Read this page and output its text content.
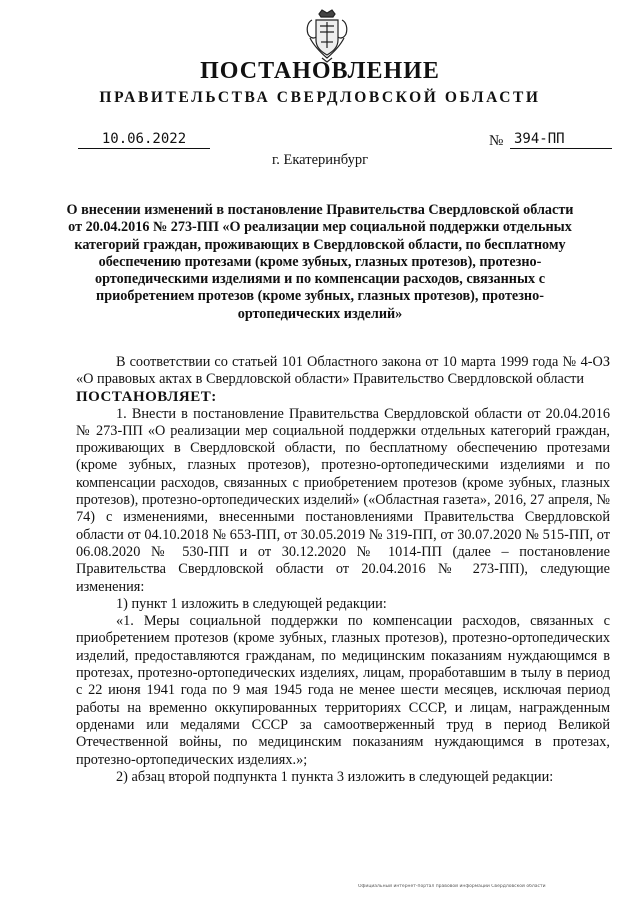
ПОСТАНОВЛЕНИЕ
ПРАВИТЕЛЬСТВА СВЕРДЛОВСКОЙ ОБЛАСТИ
10.06.2022	№ 394-ПП
г. Екатеринбург
О внесении изменений в постановление Правительства Свердловской области от 20.04.2016 № 273-ПП «О реализации мер социальной поддержки отдельных категорий граждан, проживающих в Свердловской области, по бесплатному обеспечению протезами (кроме зубных, глазных протезов), протезно-ортопедическими изделиями и по компенсации расходов, связанных с приобретением протезов (кроме зубных, глазных протезов), протезно-ортопедических изделий»

В соответствии со статьей 101 Областного закона от 10 марта 1999 года № 4-ОЗ «О правовых актах в Свердловской области» Правительство Свердловской области

ПОСТАНОВЛЯЕТ:

1. Внести в постановление Правительства Свердловской области от 20.04.2016 № 273-ПП «О реализации мер социальной поддержки отдельных категорий граждан, проживающих в Свердловской области, по бесплатному обеспечению протезами (кроме зубных, глазных протезов), протезно-ортопедическими изделиями и по компенсации расходов, связанных с приобретением протезов (кроме зубных, глазных протезов), протезно-ортопедических изделий» («Областная газета», 2016, 27 апреля, № 74) с изменениями, внесенными постановлениями Правительства Свердловской области от 04.10.2018 № 653-ПП, от 30.05.2019 № 319-ПП, от 30.07.2020 № 515-ПП, от 06.08.2020 № 530-ПП и от 30.12.2020 № 1014-ПП (далее – постановление Правительства Свердловской области от 20.04.2016 № 273-ПП), следующие изменения:

1) пункт 1 изложить в следующей редакции:

«1. Меры социальной поддержки по компенсации расходов, связанных с приобретением протезов (кроме зубных, глазных протезов), протезно-ортопедических изделий, предоставляются гражданам, по медицинским показаниям нуждающимся в протезах, протезно-ортопедических изделиях, лицам, проработавшим в тылу в период с 22 июня 1941 года по 9 мая 1945 года не менее шести месяцев, исключая период работы на временно оккупированных территориях СССР, и лицам, награжденным орденами или медалями СССР за самоотверженный труд в период Великой Отечественной войны, по медицинским показаниям нуждающимся в протезах, протезно-ортопедических изделиях.»;

2) абзац второй подпункта 1 пункта 3 изложить в следующей редакции:

Официальный интернет-портал правовой информации Свердловской области
